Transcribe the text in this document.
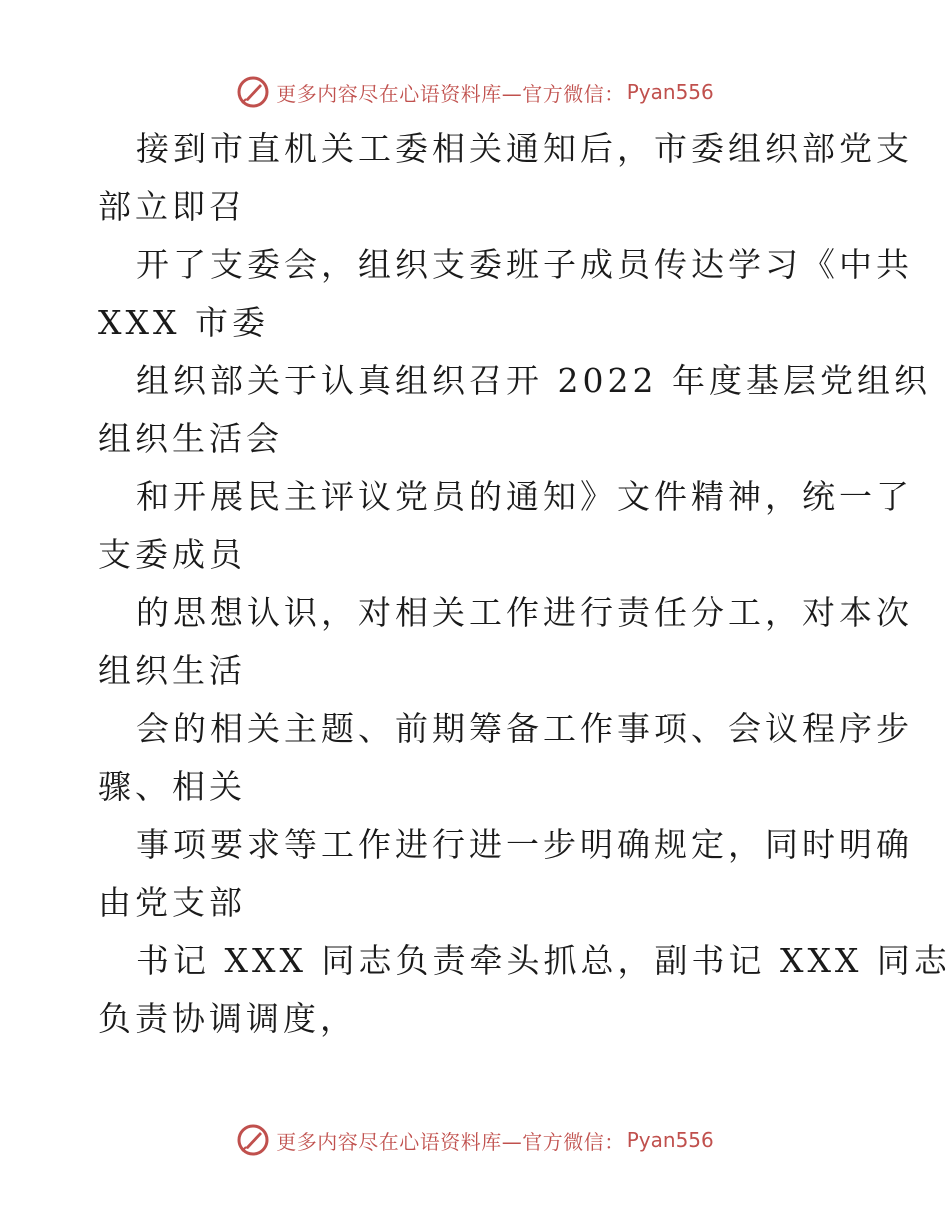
更多内容尽在心语资料库—官方微信： Pyan556
接到市直机关工委相关通知后，市委组织部党支
部立即召
开了支委会，组织支委班子成员传达学习《中共
XXX 市委
组织部关于认真组织召开 2022 年度基层党组织
组织生活会
和开展民主评议党员的通知》文件精神，统一了
支委成员
的思想认识，对相关工作进行责任分工，对本次
组织生活
会的相关主题、前期筹备工作事项、会议程序步
骤、相关
事项要求等工作进行进一步明确规定，同时明确
由党支部
书记 XXX 同志负责牵头抓总，副书记 XXX 同志
负责协调调度，
更多内容尽在心语资料库—官方微信： Pyan556
